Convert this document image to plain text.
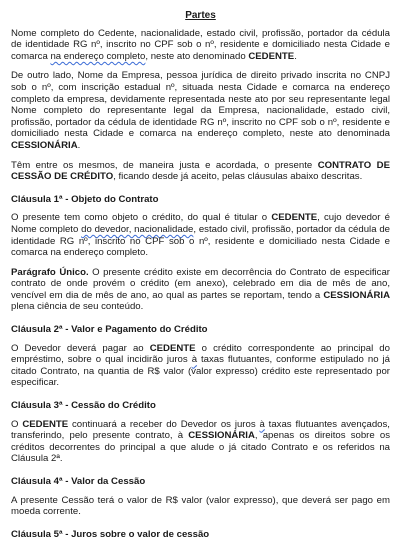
Partes

Nome completo do Cedente, nacionalidade, estado civil, profissão, portador da cédula de identidade RG nº, inscrito no CPF sob o nº, residente e domiciliado nesta Cidade e comarca na endereço completo, neste ato denominado CEDENTE.

De outro lado, Nome da Empresa, pessoa jurídica de direito privado inscrita no CNPJ sob o nº, com inscrição estadual nº, situada nesta Cidade e comarca na endereço completo da empresa, devidamente representada neste ato por seu representante legal Nome completo do representante legal da Empresa, nacionalidade, estado civil, profissão, portador da cédula de identidade RG nº, inscrito no CPF sob o nº, residente e domiciliado nesta Cidade e comarca na endereço completo, neste ato denominada CESSIONÁRIA.

Têm entre os mesmos, de maneira justa e acordada, o presente CONTRATO DE CESSÃO DE CRÉDITO, ficando desde já aceito, pelas cláusulas abaixo descritas.

Cláusula 1ª - Objeto do Contrato

O presente tem como objeto o crédito, do qual é titular o CEDENTE, cujo devedor é Nome completo do devedor, nacionalidade, estado civil, profissão, portador da cédula de identidade RG nº, inscrito no CPF sob o nº, residente e domiciliado nesta Cidade e comarca na endereço completo.

Parágrafo Único. O presente crédito existe em decorrência do Contrato de especificar contrato de onde provém o crédito (em anexo), celebrado em dia de mês de ano, vencível em dia de mês de ano, ao qual as partes se reportam, tendo a CESSIONÁRIA plena ciência de seu conteúdo.

Cláusula 2ª - Valor e Pagamento do Crédito

O Devedor deverá pagar ao CEDENTE o crédito correspondente ao principal do empréstimo, sobre o qual incidirão juros à taxas flutuantes, conforme estipulado no já citado Contrato, na quantia de R$ valor (valor expresso) crédito este representado por especificar.

Cláusula 3ª - Cessão do Crédito

O CEDENTE continuará a receber do Devedor os juros à taxas flutuantes avençados, transferindo, pelo presente contrato, à CESSIONÁRIA, apenas os direitos sobre os créditos decorrentes do principal a que alude o já citado Contrato e os referidos na Cláusula 2ª.

Cláusula 4ª - Valor da Cessão

A presente Cessão terá o valor de R$ valor (valor expresso), que deverá ser pago em moeda corrente.

Cláusula 5ª - Juros sobre o valor de cessão
